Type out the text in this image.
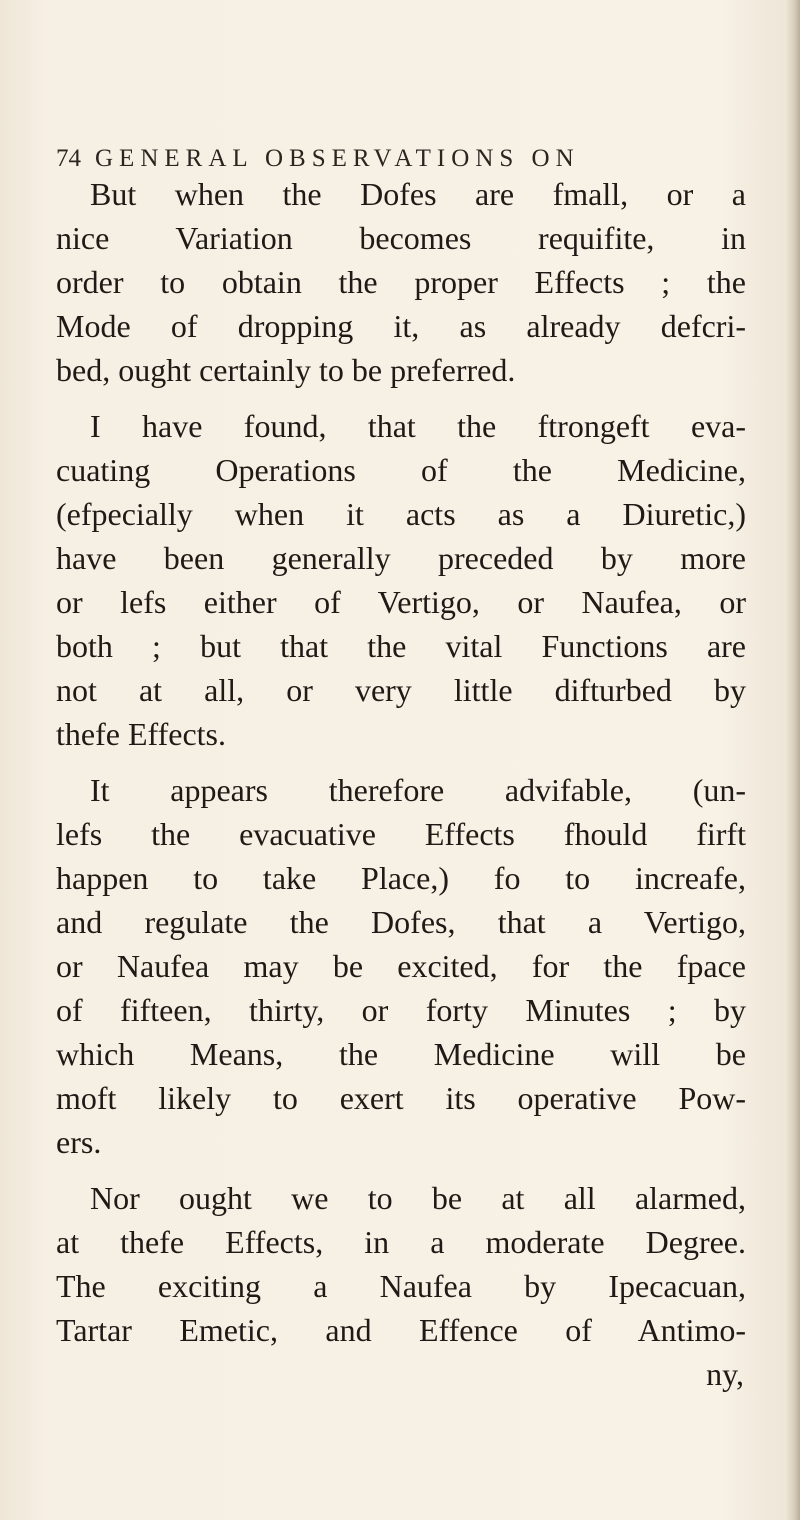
74 GENERAL OBSERVATIONS ON
But when the Dofes are fmall, or a
nice Variation becomes requifite, in
order to obtain the proper Effects ; the
Mode of dropping it, as already defcri-
bed, ought certainly to be preferred.
I have found, that the ftrongeft eva-
cuating Operations of the Medicine,
(efpecially when it acts as a Diuretic,)
have been generally preceded by more
or lefs either of Vertigo, or Naufea, or
both ; but that the vital Functions are
not at all, or very little difturbed by
thefe Effects.
It appears therefore advifable, (un-
lefs the evacuative Effects fhould firft
happen to take Place,) fo to increafe,
and regulate the Dofes, that a Vertigo,
or Naufea may be excited, for the fpace
of fifteen, thirty, or forty Minutes ; by
which Means, the Medicine will be
moft likely to exert its operative Pow-
ers.
Nor ought we to be at all alarmed,
at thefe Effects, in a moderate Degree.
The exciting a Naufea by Ipecacuan,
Tartar Emetic, and Effence of Antimo-
ny,
